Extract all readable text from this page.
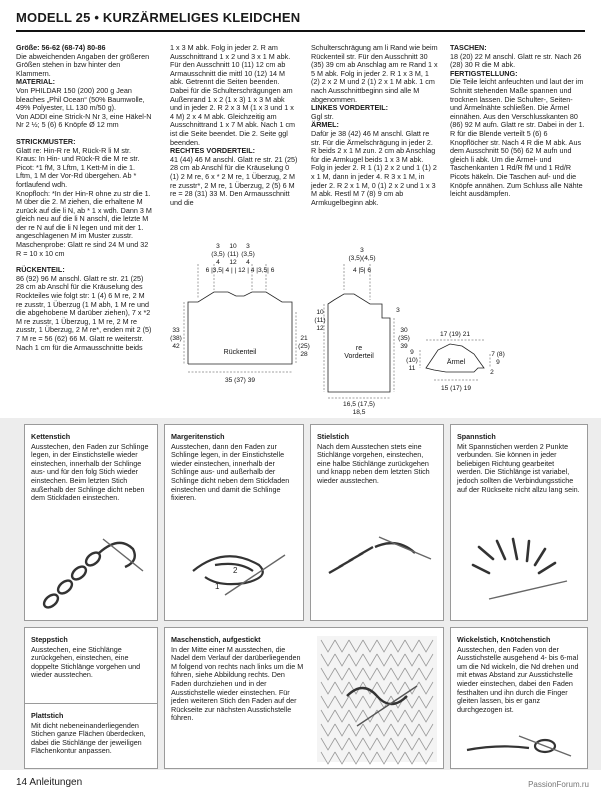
MODELL 25 • KURZÄRMELIGES KLEIDCHEN

Größe: 56-62 (68-74) 80-86

Die abweichenden Angaben der größeren Größen stehen in bzw hinter den Klammern.

MATERIAL:

Von PHILDAR 150 (200) 200 g Jean bleaches „Phil Ocean“ (50% Baumwolle, 49% Polyester, LL 130 m/50 g).

Von ADDI eine Strick-N Nr 3, eine Häkel-N Nr 2 ½; 5 (6) 6 Knöpfe Ø 12 mm

STRICKMUSTER:

Glatt re: Hin-R re M, Rück-R li M str.

Kraus: In Hin- und Rück-R die M re str.

Picot: *1 fM, 3 Lftm, 1 Kett-M in die 1. Lftm, 1 M der Vor-Rd übergehen. Ab * fortlaufend wdh.

Knopfloch: *In der Hin-R ohne zu str die 1. M über die 2. M ziehen, die erhaltene M zurück auf die li N, ab * 1 x wdh. Dann 3 M gleich neu auf die li N anschl, die letzte M der re N auf die li N legen und mit der 1. angeschlagenen M im Muster zusstr.

Maschenprobe: Glatt re sind 24 M und 32 R = 10 x 10 cm

RÜCKENTEIL:

86 (92) 96 M anschl. Glatt re str. 21 (25) 28 cm ab Anschl für die Kräuselung des Rockteiles wie folgt str: 1 (4) 6 M re, 2 M re zusstr, 1 Überzug (1 M abh, 1 M re und die abgehobene M darüber ziehen), 7 x *2 M re zusstr, 1 Überzug, 1 M re, 2 M re zusstr, 1 Überzug, 2 M re*, enden mit 2 (5) 7 M re = 56 (62) 66 M. Glatt re weiterstr. Nach 1 cm für die Armausschnitte beids

1 x 3 M abk. Folg in jeder 2. R am Ausschnittrand 1 x 2 und 3 x 1 M abk. Für den Ausschnitt 10 (11) 12 cm ab Armausschnitt die mittl 10 (12) 14 M abk. Getrennt die Seiten beenden. Dabei für die Schulterschrägungen am Außenrand 1 x 2 (1 x 3) 1 x 3 M abk und in jeder 2. R 2 x 3 M (1 x 3 und 1 x 4 M) 2 x 4 M abk. Gleichzeitig am Ausschnittrand 1 x 7 M abk. Nach 1 cm ist die Seite beendet. Die 2. Seite ggl beenden.

RECHTES VORDERTEIL:

41 (44) 46 M anschl. Glatt re str. 21 (25) 28 cm ab Anschl für die Kräuselung 0 (1) 2 M re, 6 x * 2 M re, 1 Überzug, 2 M re zusstr*, 2 M re, 1 Überzug, 2 (5) 6 M re = 28 (31) 33 M. Den Armausschnitt und die

Schulterschrägung am li Rand wie beim Rückenteil str. Für den Ausschnitt 30 (35) 39 cm ab Anschlag am re Rand 1 x 5 M abk. Folg in jeder 2. R 1 x 3 M, 1 (2) 2 x 2 M und 2 (1) 2 x 1 M abk. 1 cm nach Ausschnittbeginn sind alle M abgenommen.

LINKES VORDERTEIL:

Ggl str.

ÄRMEL:

Dafür je 38 (42) 46 M anschl. Glatt re str. Für die Ärmelschrägung in jeder 2. R beids 2 x 1 M zun. 2 cm ab Anschlag für die Armkugel beids 1 x 3 M abk. Folg in jeder 2. R 1 (1) 2 x 2 und 1 (1) 2 x 1 M, dann in jeder 4. R 3 x 1 M, in jeder 2. R 2 x 1 M, 0 (1) 2 x 2 und 1 x 3 M abk. Restl M 7 (8) 9 cm ab Armkugelbeginn abk.

TASCHEN:

18 (20) 22 M anschl. Glatt re str. Nach 26 (28) 30 R die M abk.

FERTIGSTELLUNG:

Die Teile leicht anfeuchten und laut der im Schnitt stehenden Maße spannen und trocknen lassen. Die Schulter-, Seiten- und Ärmelnähte schließen. Die Ärmel einnähen. Aus den Verschlusskanten 80 (86) 92 M aufn. Glatt re str. Dabei in der 1. R für die Blende verteilt 5 (6) 6 Knopflöcher str. Nach 4 R die M abk. Aus dem Ausschnitt 50 (56) 62 M aufn und gleich li abk. Um die Ärmel- und Taschenkanten 1 Rd/R fM und 1 Rd/R Picots häkeln. Die Taschen auf- und die Knöpfe annähen. Zum Schluss alle Nähte leicht ausdämpfen.

3 10 3
(3,5) (11) (3,5)
4 12 4
6 |3,5| 4 | | 12 | 4 |3,5| 6
33
(38)
42
21
(25)
28
Rückenteil
35 (37) 39
3
(3,5)(4,5)
4 |5| 6
10
(11)
12
3
30
(35)
39
re Vorderteil
16,5 (17,5)
18,5
17 (19) 21
9
(10)
11
7 (8)
9
2
Ärmel
15 (17) 19

Kettenstich

Ausstechen, den Faden zur Schlinge legen, in der Einstichstelle wieder einstechen, innerhalb der Schlinge aus- und für den folg Stich wieder einstechen. Beim letzten Stich außerhalb der Schlinge dicht neben dem Stickfaden einstechen.

Margeritenstich

Ausstechen, dann den Faden zur Schlinge legen, in der Einstichstelle wieder einstechen, innerhalb der Schlinge aus- und außerhalb der Schlinge dicht neben dem Stickfaden einstechen und damit die Schlinge fixieren.

1
2

Stielstich

Nach dem Ausstechen stets eine Stichlänge vorgehen, einstechen, eine halbe Stichlänge zurückgehen und knapp neben dem letzten Stich wieder ausstechen.

Spannstich

Mit Spannstichen werden 2 Punkte verbunden. Sie können in jeder beliebigen Richtung gearbeitet werden. Die Stichlänge ist variabel, jedoch sollten die Verbindungsstiche auf der Rückseite nicht allzu lang sein.

Steppstich

Ausstechen, eine Stichlänge zurückgehen, einstechen, eine doppelte Stichlänge vorgehen und wieder ausstechen.

Plattstich

Mit dicht nebeneinanderliegenden Stichen ganze Flächen überdecken, dabei die Stichlänge der jeweiligen Flächenkontur anpassen.

Maschenstich, aufgestickt

In der Mitte einer M ausstechen, die Nadel dem Verlauf der darüberliegenden M folgend von rechts nach links um die M führen, siehe Abbildung rechts. Den Faden durchziehen und in der Ausstichstelle wieder einstechen. Für jeden weiteren Stich den Faden auf der Rückseite zur nächsten Ausstichstelle führen.

Wickelstich, Knötchenstich

Ausstechen, den Faden von der Ausstichstelle ausgehend 4- bis 6-mal um die Nd wickeln, die Nd drehen und mit etwas Abstand zur Ausstichstelle wieder einstechen, dabei den Faden festhalten und ihn durch die Finger gleiten lassen, bis er ganz durchgezogen ist.

14 Anleitungen	PassionForum.ru
